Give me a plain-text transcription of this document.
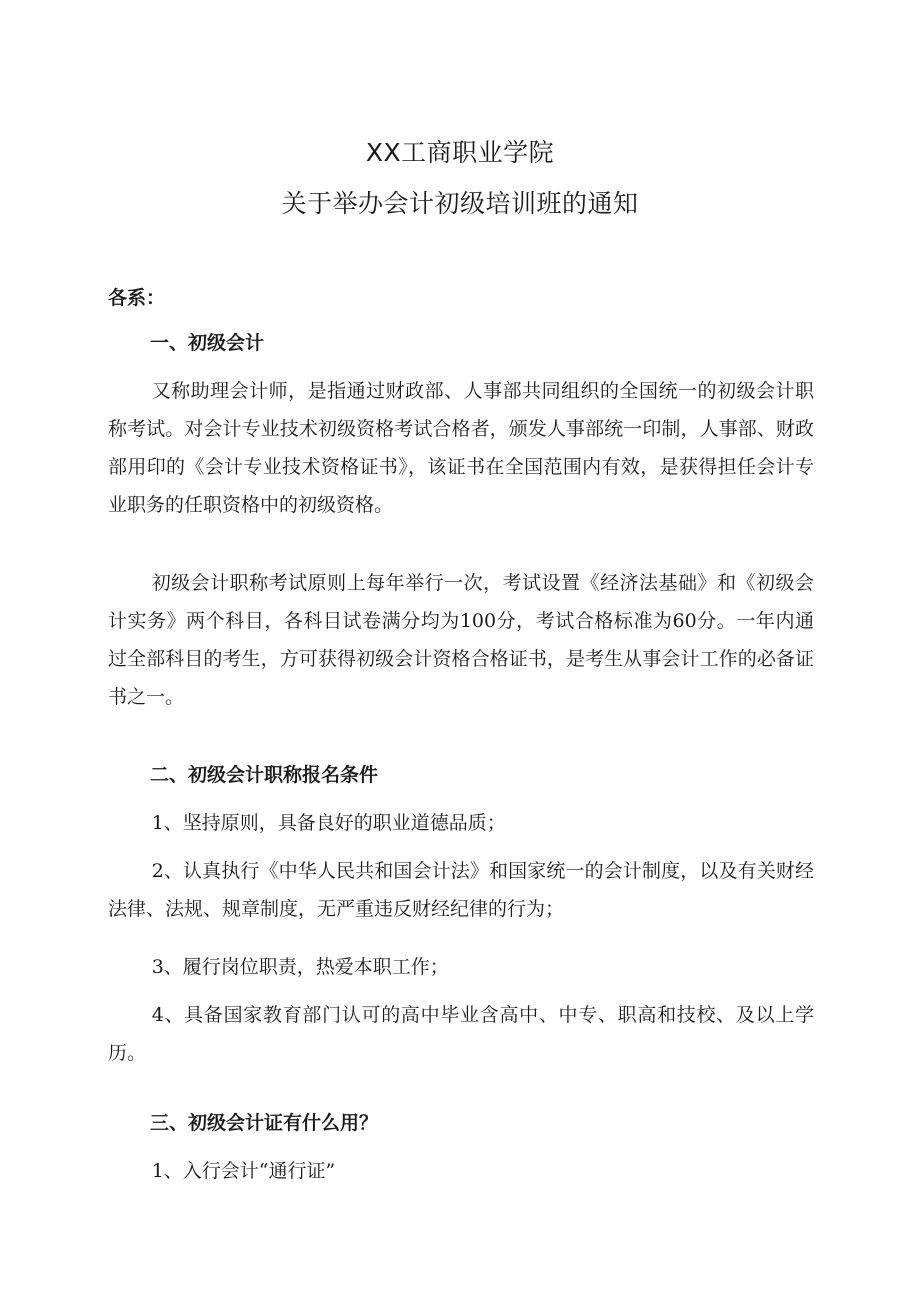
XX工商职业学院
关于举办会计初级培训班的通知

各系：

一、初级会计

又称助理会计师，是指通过财政部、人事部共同组织的全国统一的初级会计职称考试。对会计专业技术初级资格考试合格者，颁发人事部统一印制，人事部、财政部用印的《会计专业技术资格证书》，该证书在全国范围内有效，是获得担任会计专业职务的任职资格中的初级资格。

初级会计职称考试原则上每年举行一次，考试设置《经济法基础》和《初级会计实务》两个科目，各科目试卷满分均为100分，考试合格标准为60分。一年内通过全部科目的考生，方可获得初级会计资格合格证书，是考生从事会计工作的必备证书之一。

二、初级会计职称报名条件

1、坚持原则，具备良好的职业道德品质；

2、认真执行《中华人民共和国会计法》和国家统一的会计制度，以及有关财经法律、法规、规章制度，无严重违反财经纪律的行为；

3、履行岗位职责，热爱本职工作；

4、具备国家教育部门认可的高中毕业含高中、中专、职高和技校、及以上学历。

三、初级会计证有什么用？

1、入行会计“通行证”
